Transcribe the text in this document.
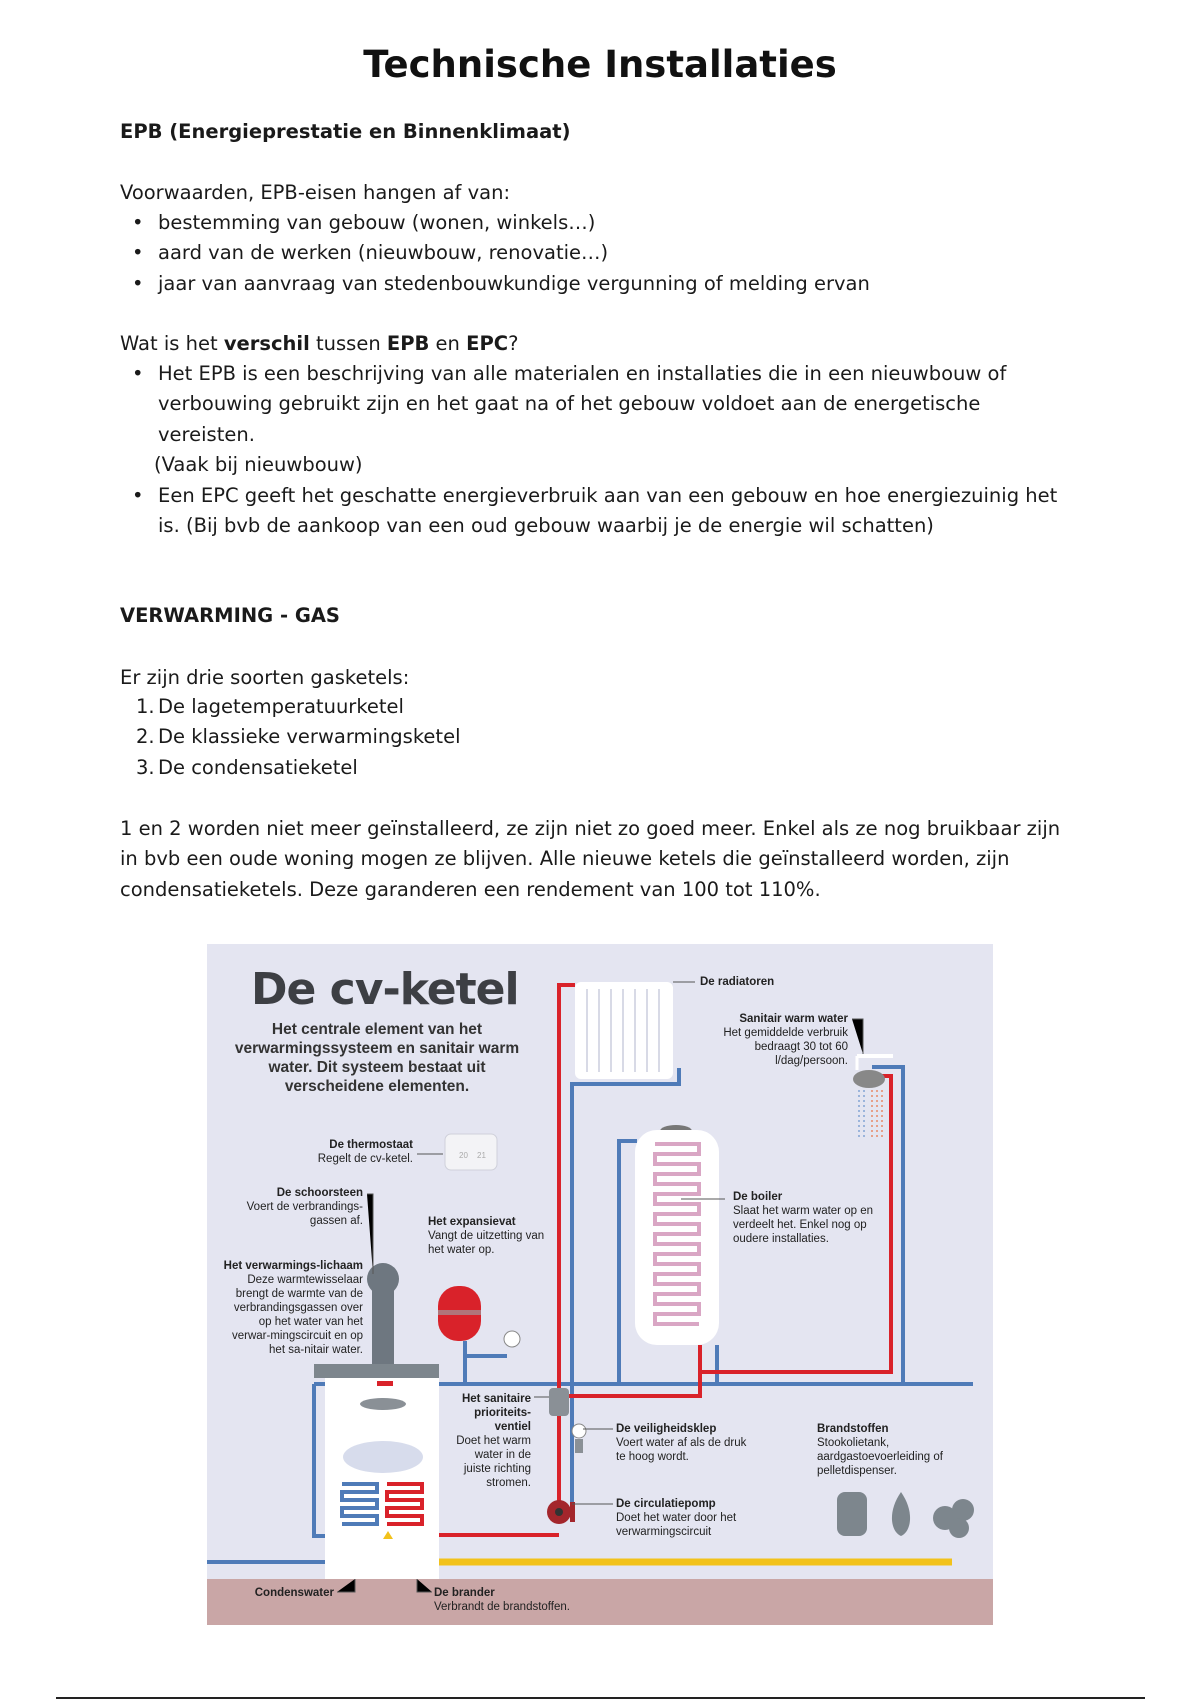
Technische Installaties
EPB (Energieprestatie en Binnenklimaat)
Voorwaarden, EPB-eisen hangen af van:
• bestemming van gebouw (wonen, winkels…)
• aard van de werken (nieuwbouw, renovatie…)
• jaar van aanvraag van stedenbouwkundige vergunning of melding ervan
Wat is het verschil tussen EPB en EPC?
• Het EPB is een beschrijving van alle materialen en installaties die in een nieuwbouw of verbouwing gebruikt zijn en het gaat na of het gebouw voldoet aan de energetische vereisten.
(Vaak bij nieuwbouw)
• Een EPC geeft het geschatte energieverbruik aan van een gebouw en hoe energiezuinig het is. (Bij bvb de aankoop van een oud gebouw waarbij je de energie wil schatten)
VERWARMING - GAS
Er zijn drie soorten gasketels:
1. De lagetemperatuurketel
2. De klassieke verwarmingsketel
3. De condensatieketel
1 en 2 worden niet meer geïnstalleerd, ze zijn niet zo goed meer. Enkel als ze nog bruikbaar zijn in bvb een oude woning mogen ze blijven. Alle nieuwe ketels die geïnstalleerd worden, zijn condensatieketels. Deze garanderen een rendement van 100 tot 110%.
20 21
De cv-ketel
Het centrale element van het verwarmingssysteem en sanitair warm water. Dit systeem bestaat uit verscheidene elementen.
De thermostaat
Regelt de cv-ketel.
De schoorsteen
Voert de verbrandings-gassen af.
Het verwarmings-lichaam
Deze warmtewisselaar brengt de warmte van de verbrandingsgassen over op het water van het verwar-mingscircuit en op het sa-nitair water.
Het expansievat
Vangt de uitzetting van het water op.
De radiatoren
Sanitair warm water
Het gemiddelde verbruik bedraagt 30 tot 60 l/dag/persoon.
De boiler
Slaat het warm water op en verdeelt het. Enkel nog op oudere installaties.
Het sanitaire prioriteits-ventiel
Doet het warm water in de juiste richting stromen.
De veiligheidsklep
Voert water af als de druk te hoog wordt.
De circulatiepomp
Doet het water door het verwarmingscircuit
Brandstoffen
Stookolietank, aardgastoevoerleiding of pelletdispenser.
Condenswater	De brander
Verbrandt de brandstoffen.
